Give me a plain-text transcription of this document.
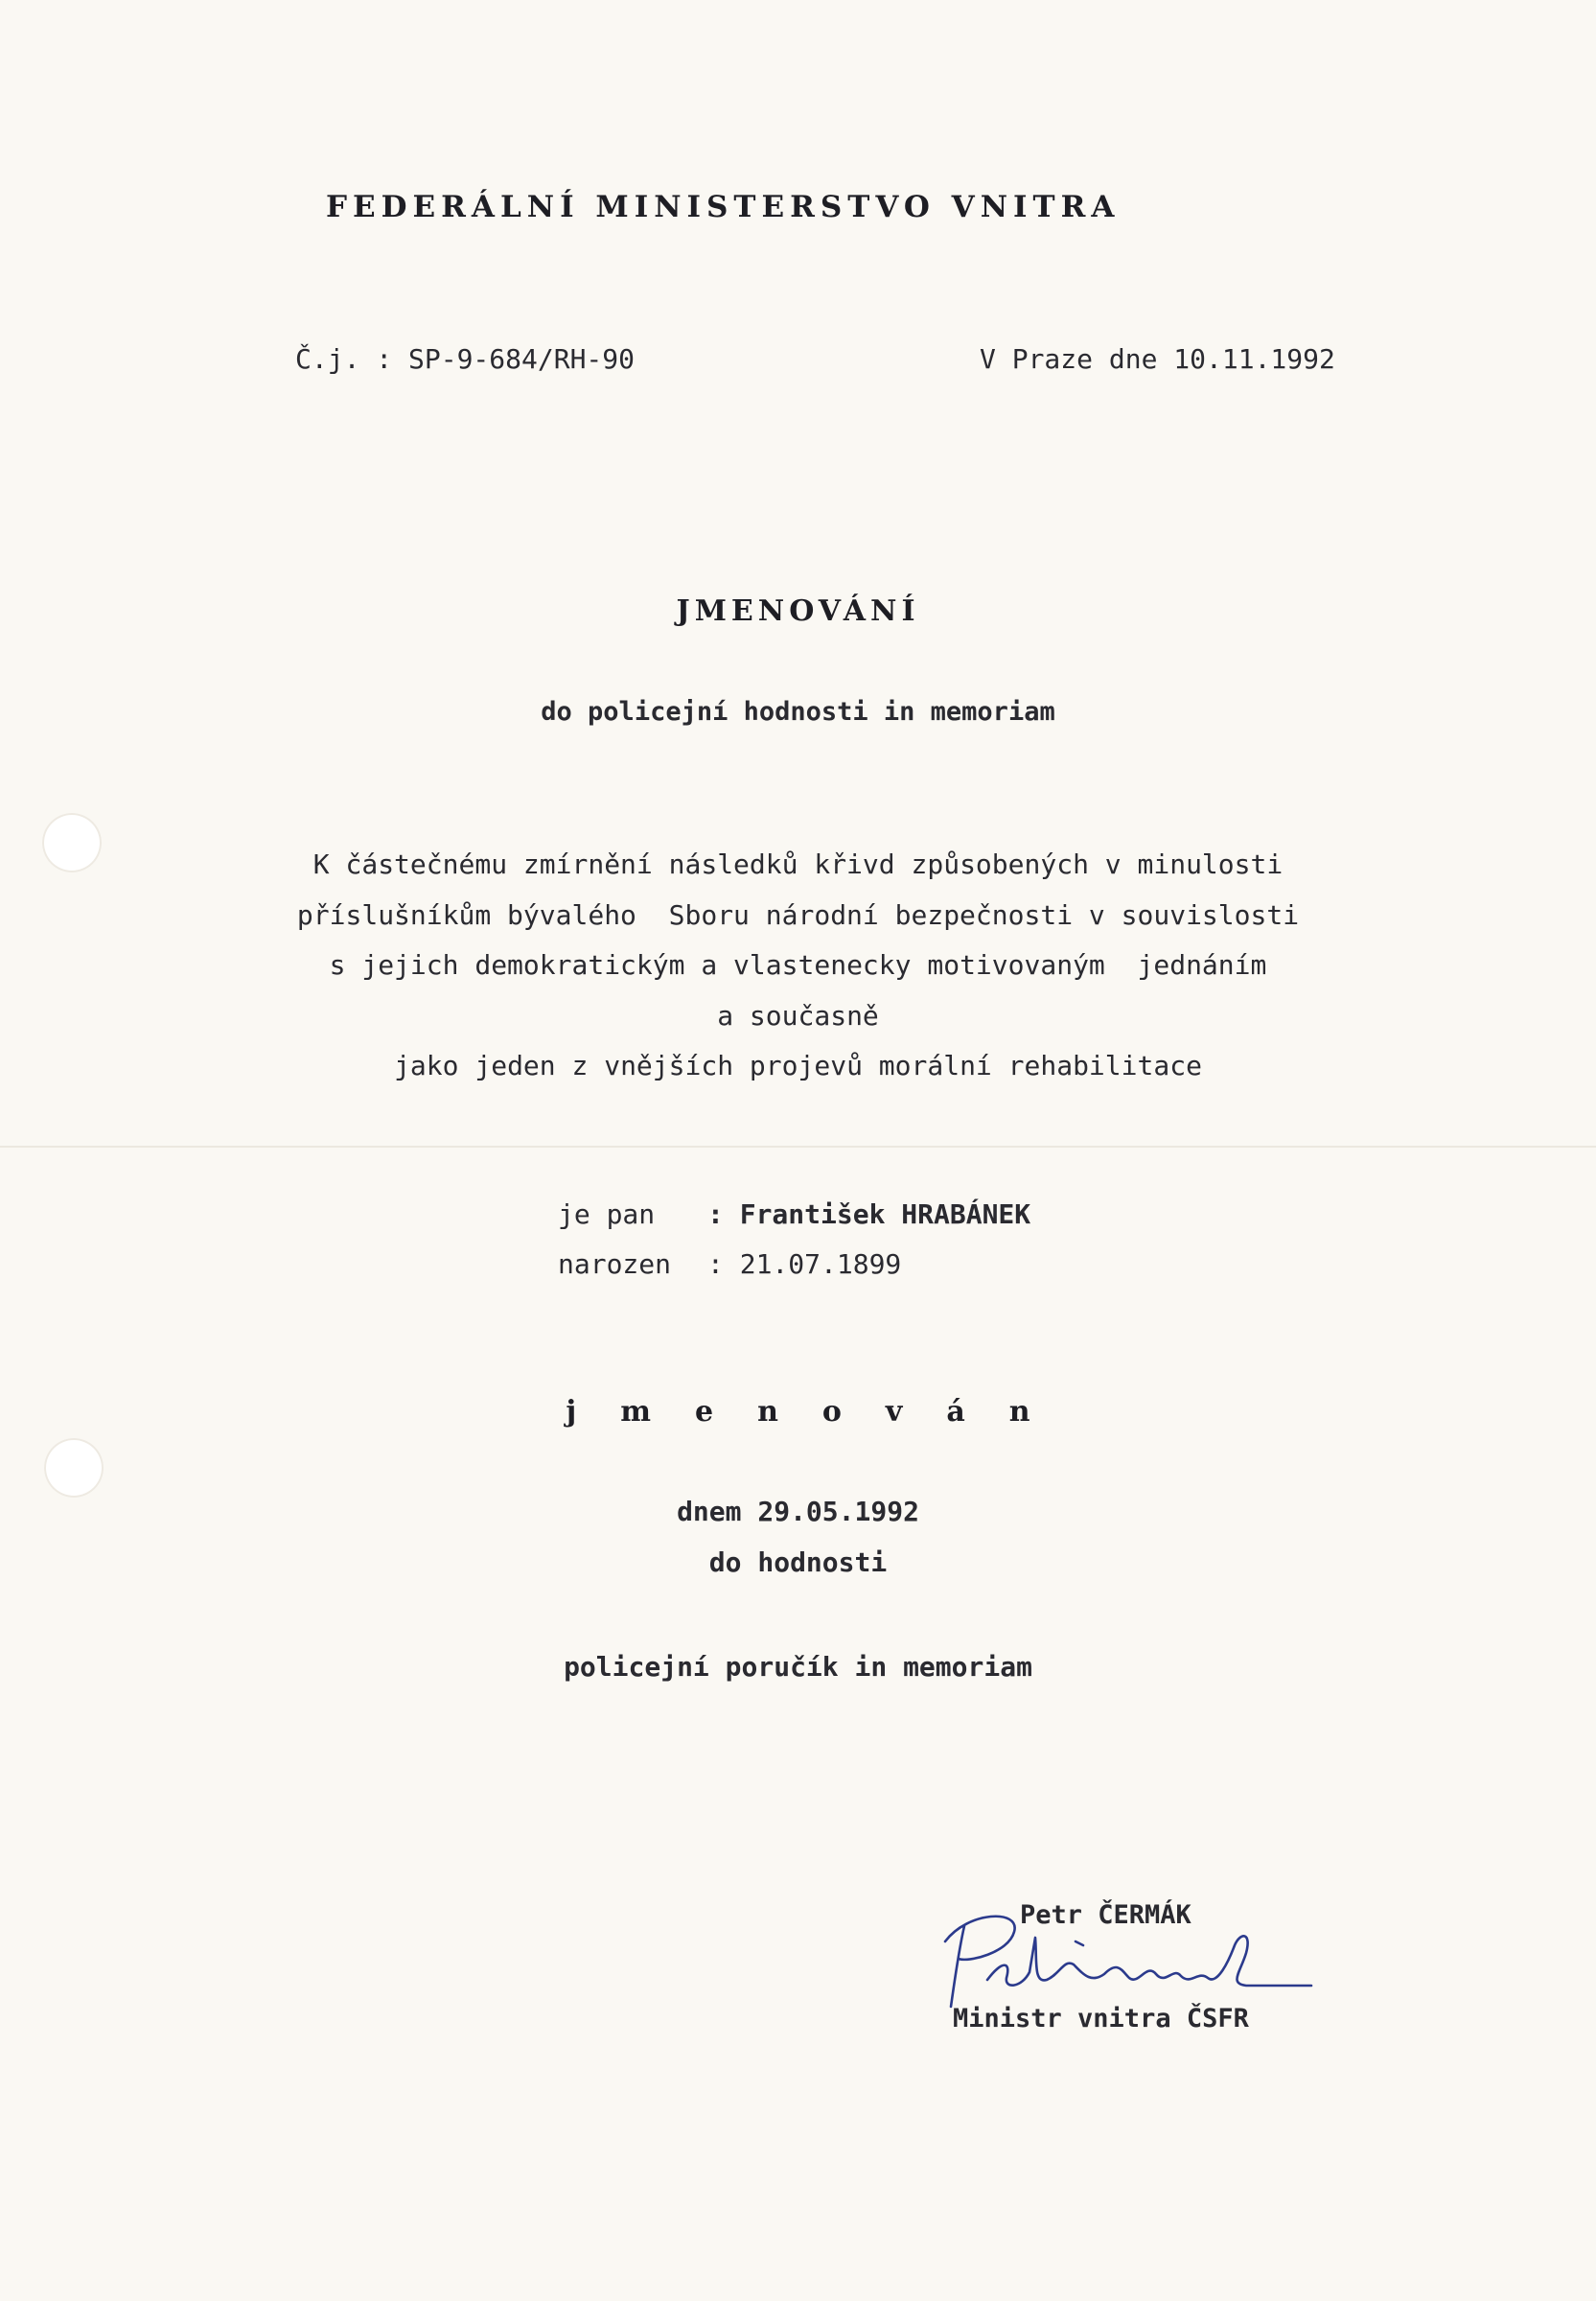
FEDERÁLNÍ MINISTERSTVO VNITRA
Č.j. : SP-9-684/RH-90	V Praze dne 10.11.1992
JMENOVÁNÍ
do policejní hodnosti in memoriam
K částečnému zmírnění následků křivd způsobených v minulosti
příslušníkům bývalého  Sboru národní bezpečnosti v souvislosti
s jejich demokratickým a vlastenecky motivovaným  jednáním
a současně
jako jeden z vnějších projevů morální rehabilitace
je pan : František HRABÁNEK
narozen : 21.07.1899
jmenován
dnem 29.05.1992
do hodnosti
policejní poručík in memoriam
Petr ČERMÁK
Ministr vnitra ČSFR
